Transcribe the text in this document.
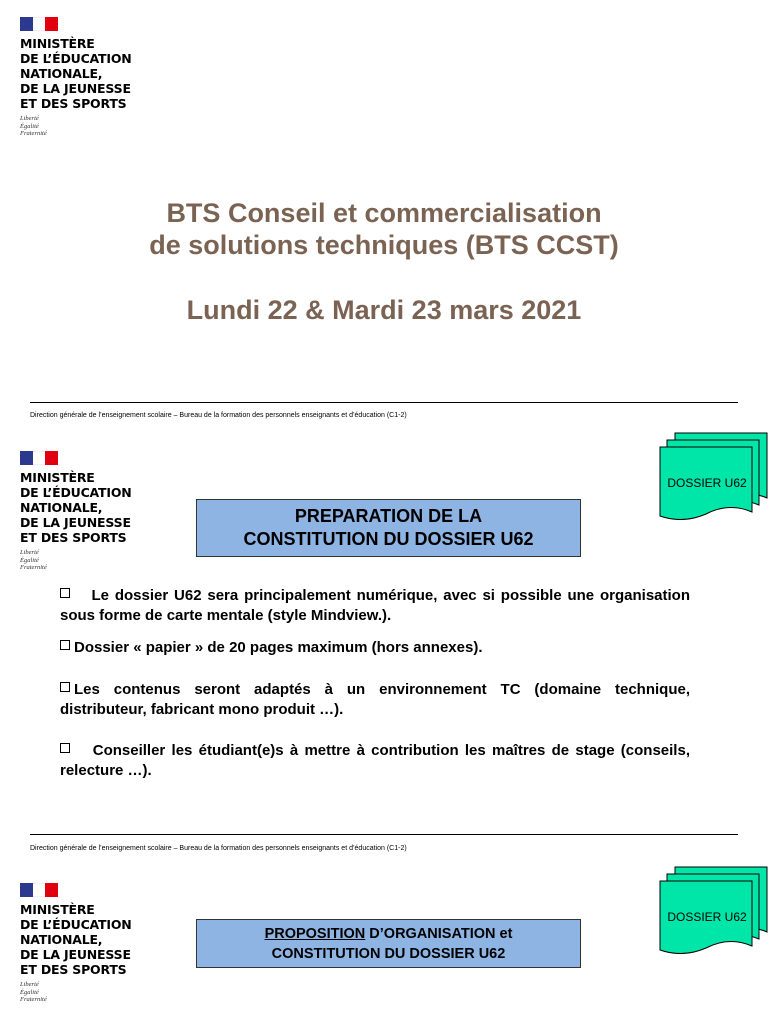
MINISTÈRE
DE L’ÉDUCATION
NATIONALE,
DE LA JEUNESSE
ET DES SPORTS
Liberté
Égalité
Fraternité
BTS Conseil et commercialisation
de solutions techniques (BTS CCST)
Lundi 22 & Mardi 23 mars 2021
Direction générale de l’enseignement scolaire – Bureau de la formation des personnels enseignants et d’éducation (C1-2)
MINISTÈRE
DE L’ÉDUCATION
NATIONALE,
DE LA JEUNESSE
ET DES SPORTS
Liberté
Égalité
Fraternité
DOSSIER U62
PREPARATION DE LA
CONSTITUTION DU DOSSIER U62
Le dossier U62 sera principalement numérique, avec si possible une organisation sous forme de carte mentale (style Mindview.).
Dossier « papier » de 20 pages maximum (hors annexes).
Les contenus seront adaptés à un environnement TC (domaine technique, distributeur, fabricant mono produit …).
Conseiller les étudiant(e)s à mettre à contribution les maîtres de stage (conseils, relecture …).
Direction générale de l’enseignement scolaire – Bureau de la formation des personnels enseignants et d’éducation (C1-2)
MINISTÈRE
DE L’ÉDUCATION
NATIONALE,
DE LA JEUNESSE
ET DES SPORTS
Liberté
Égalité
Fraternité
DOSSIER U62
PROPOSITION D’ORGANISATION et
CONSTITUTION DU DOSSIER U62
